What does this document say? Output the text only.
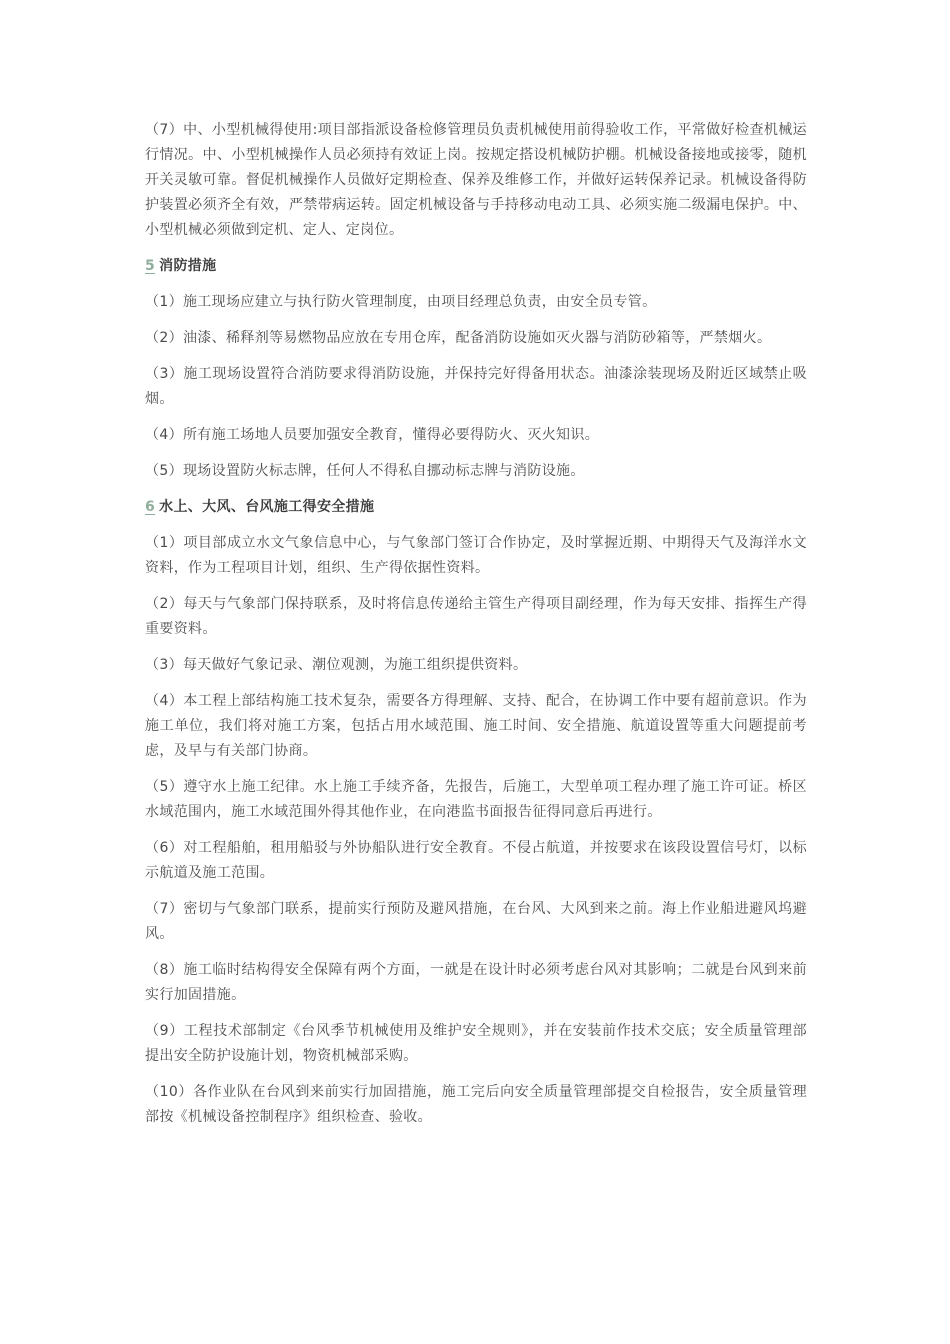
（7）中、小型机械得使用:项目部指派设备检修管理员负责机械使用前得验收工作，平常做好检查机械运行情况。中、小型机械操作人员必须持有效证上岗。按规定搭设机械防护棚。机械设备接地或接零，随机开关灵敏可靠。督促机械操作人员做好定期检查、保养及维修工作，并做好运转保养记录。机械设备得防护装置必须齐全有效，严禁带病运转。固定机械设备与手持移动电动工具、必须实施二级漏电保护。中、小型机械必须做到定机、定人、定岗位。

5 消防措施

（1）施工现场应建立与执行防火管理制度，由项目经理总负责，由安全员专管。

（2）油漆、稀释剂等易燃物品应放在专用仓库，配备消防设施如灭火器与消防砂箱等，严禁烟火。

（3）施工现场设置符合消防要求得消防设施，并保持完好得备用状态。油漆涂装现场及附近区域禁止吸烟。

（4）所有施工场地人员要加强安全教育，懂得必要得防火、灭火知识。

（5）现场设置防火标志牌，任何人不得私自挪动标志牌与消防设施。

6 水上、大风、台风施工得安全措施

（1）项目部成立水文气象信息中心，与气象部门签订合作协定，及时掌握近期、中期得天气及海洋水文资料，作为工程项目计划，组织、生产得依据性资料。

（2）每天与气象部门保持联系，及时将信息传递给主管生产得项目副经理，作为每天安排、指挥生产得重要资料。

（3）每天做好气象记录、潮位观测，为施工组织提供资料。

（4）本工程上部结构施工技术复杂，需要各方得理解、支持、配合，在协调工作中要有超前意识。作为施工单位，我们将对施工方案，包括占用水域范围、施工时间、安全措施、航道设置等重大问题提前考虑，及早与有关部门协商。

（5）遵守水上施工纪律。水上施工手续齐备，先报告，后施工，大型单项工程办理了施工许可证。桥区水域范围内，施工水域范围外得其他作业，在向港监书面报告征得同意后再进行。

（6）对工程船舶，租用船驳与外协船队进行安全教育。不侵占航道，并按要求在该段设置信号灯，以标示航道及施工范围。

（7）密切与气象部门联系，提前实行预防及避风措施，在台风、大风到来之前。海上作业船进避风坞避风。

（8）施工临时结构得安全保障有两个方面，一就是在设计时必须考虑台风对其影响；二就是台风到来前实行加固措施。

（9）工程技术部制定《台风季节机械使用及维护安全规则》，并在安装前作技术交底；安全质量管理部提出安全防护设施计划，物资机械部采购。

（10）各作业队在台风到来前实行加固措施，施工完后向安全质量管理部提交自检报告，安全质量管理部按《机械设备控制程序》组织检查、验收。
